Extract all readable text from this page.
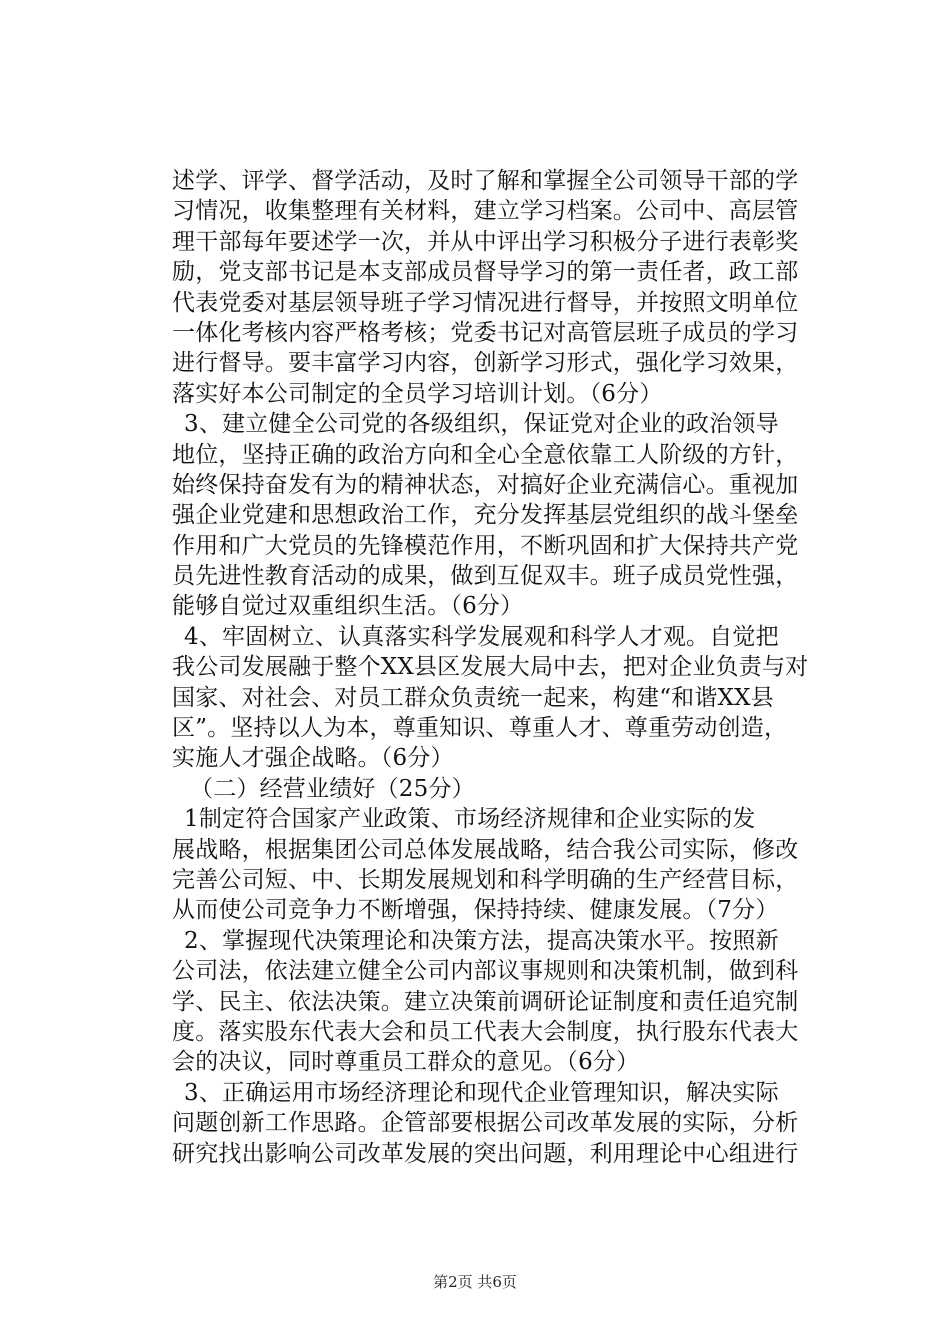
述学、评学、督学活动，及时了解和掌握全公司领导干部的学
习情况，收集整理有关材料，建立学习档案。公司中、高层管
理干部每年要述学一次，并从中评出学习积极分子进行表彰奖
励，党支部书记是本支部成员督导学习的第一责任者，政工部
代表党委对基层领导班子学习情况进行督导，并按照文明单位
一体化考核内容严格考核；党委书记对高管层班子成员的学习
进行督导。要丰富学习内容，创新学习形式，强化学习效果，
落实好本公司制定的全员学习培训计划。（6分）
3、建立健全公司党的各级组织，保证党对企业的政治领导
地位，坚持正确的政治方向和全心全意依靠工人阶级的方针，
始终保持奋发有为的精神状态，对搞好企业充满信心。重视加
强企业党建和思想政治工作，充分发挥基层党组织的战斗堡垒
作用和广大党员的先锋模范作用，不断巩固和扩大保持共产党
员先进性教育活动的成果，做到互促双丰。班子成员党性强，
能够自觉过双重组织生活。（6分）
4、牢固树立、认真落实科学发展观和科学人才观。自觉把
我公司发展融于整个XX县区发展大局中去，把对企业负责与对
国家、对社会、对员工群众负责统一起来，构建“和谐XX县
区”。坚持以人为本，尊重知识、尊重人才、尊重劳动创造，
实施人才强企战略。（6分）
（二）经营业绩好（25分）
1制定符合国家产业政策、市场经济规律和企业实际的发
展战略，根据集团公司总体发展战略，结合我公司实际，修改
完善公司短、中、长期发展规划和科学明确的生产经营目标，
从而使公司竞争力不断增强，保持持续、健康发展。（7分）
2、掌握现代决策理论和决策方法，提高决策水平。按照新
公司法，依法建立健全公司内部议事规则和决策机制，做到科
学、民主、依法决策。建立决策前调研论证制度和责任追究制
度。落实股东代表大会和员工代表大会制度，执行股东代表大
会的决议，同时尊重员工群众的意见。（6分）
3、正确运用市场经济理论和现代企业管理知识，解决实际
问题创新工作思路。企管部要根据公司改革发展的实际，分析
研究找出影响公司改革发展的突出问题，利用理论中心组进行
第2页 共6页
